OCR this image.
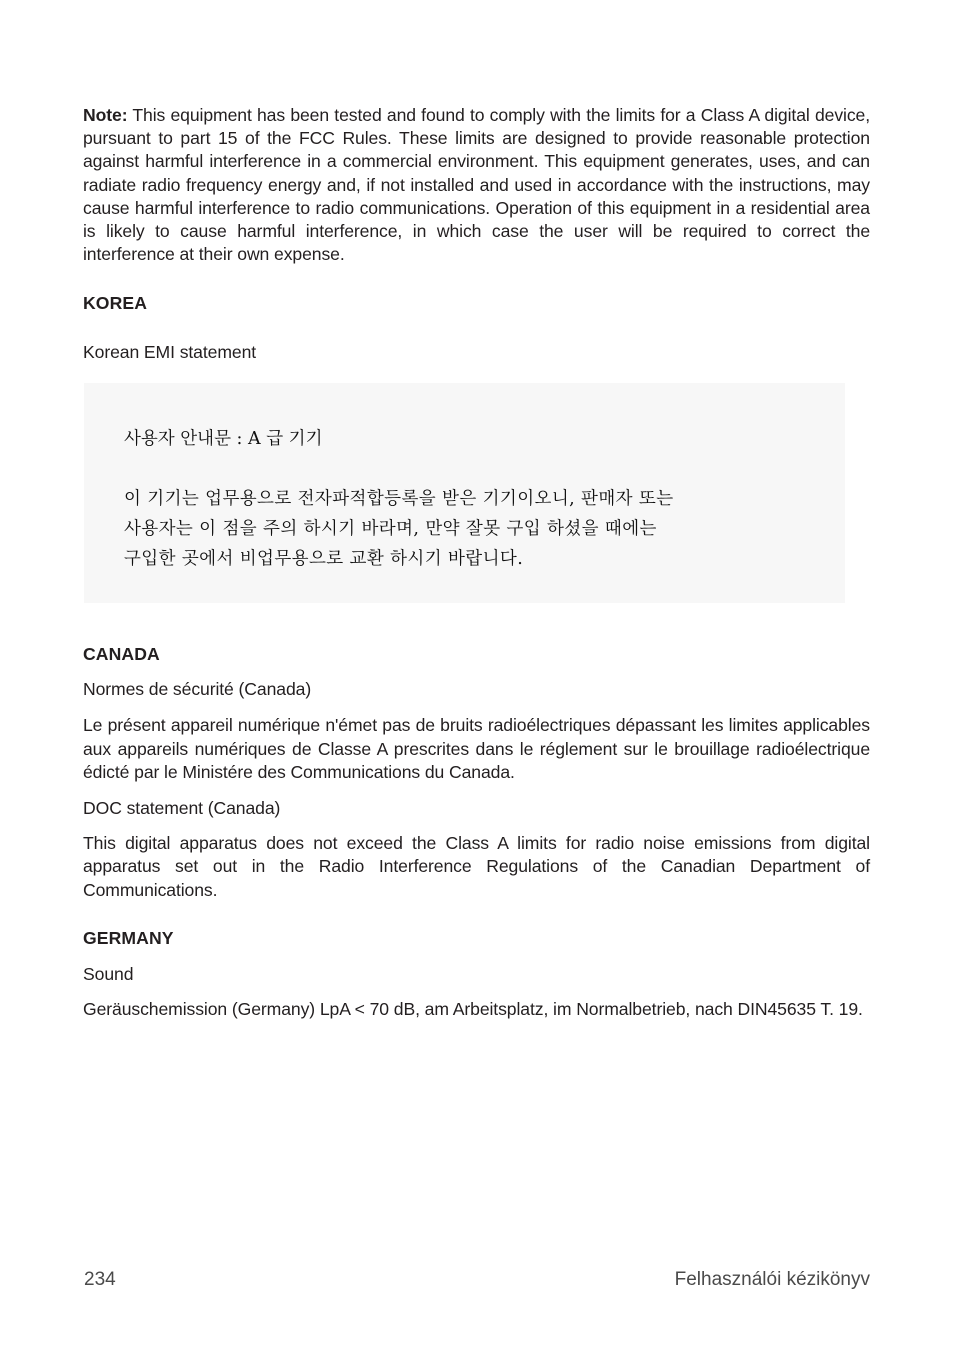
Note: This equipment has been tested and found to comply with the limits for a Class A digital device, pursuant to part 15 of the FCC Rules. These limits are designed to provide reasonable protection against harmful interference in a commercial environment. This equipment generates, uses, and can radiate radio frequency energy and, if not installed and used in accordance with the instructions, may cause harmful interference to radio communications. Operation of this equipment in a residential area is likely to cause harmful interference, in which case the user will be required to correct the interference at their own expense.

KOREA

Korean EMI statement

CANADA

Normes de sécurité (Canada)

Le présent appareil numérique n'émet pas de bruits radioélectriques dépassant les limites applicables aux appareils numériques de Classe A prescrites dans le réglement sur le brouillage radioélectrique édicté par le Ministére des Communications du Canada.

DOC statement (Canada)

This digital apparatus does not exceed the Class A limits for radio noise emissions from digital apparatus set out in the Radio Interference Regulations of the Canadian Department of Communications.

GERMANY

Sound

Geräuschemission (Germany) LpA < 70 dB, am Arbeitsplatz, im Normalbetrieb, nach DIN45635 T. 19.

사용자 안내문 : A 급 기기
이 기기는 업무용으로 전자파적합등록을 받은 기기이오니, 판매자 또는
사용자는 이 점을 주의 하시기 바라며, 만약 잘못 구입 하셨을 때에는
구입한 곳에서 비업무용으로 교환 하시기 바랍니다.
234	Felhasználói kézikönyv
